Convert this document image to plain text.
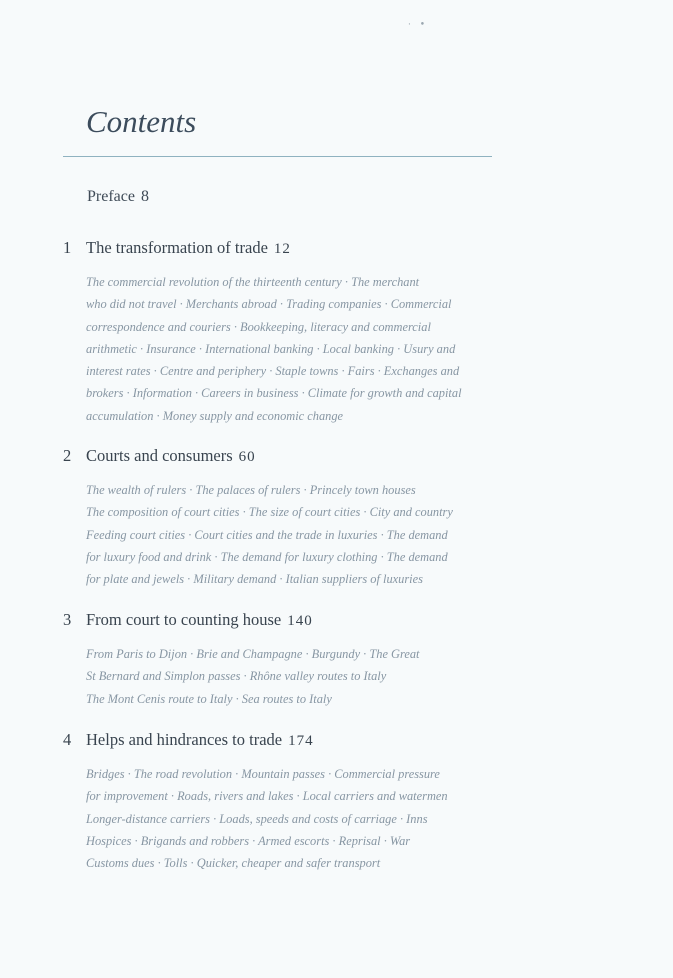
· •
Contents
Preface 8
1 The transformation of trade 12
The commercial revolution of the thirteenth century · The merchant
who did not travel · Merchants abroad · Trading companies · Commercial
correspondence and couriers · Bookkeeping, literacy and commercial
arithmetic · Insurance · International banking · Local banking · Usury and
interest rates · Centre and periphery · Staple towns · Fairs · Exchanges and
brokers · Information · Careers in business · Climate for growth and capital
accumulation · Money supply and economic change
2 Courts and consumers 60
The wealth of rulers · The palaces of rulers · Princely town houses
The composition of court cities · The size of court cities · City and country
Feeding court cities · Court cities and the trade in luxuries · The demand
for luxury food and drink · The demand for luxury clothing · The demand
for plate and jewels · Military demand · Italian suppliers of luxuries
3 From court to counting house 140
From Paris to Dijon · Brie and Champagne · Burgundy · The Great
St Bernard and Simplon passes · Rhône valley routes to Italy
The Mont Cenis route to Italy · Sea routes to Italy
4 Helps and hindrances to trade 174
Bridges · The road revolution · Mountain passes · Commercial pressure
for improvement · Roads, rivers and lakes · Local carriers and watermen
Longer-distance carriers · Loads, speeds and costs of carriage · Inns
Hospices · Brigands and robbers · Armed escorts · Reprisal · War
Customs dues · Tolls · Quicker, cheaper and safer transport
